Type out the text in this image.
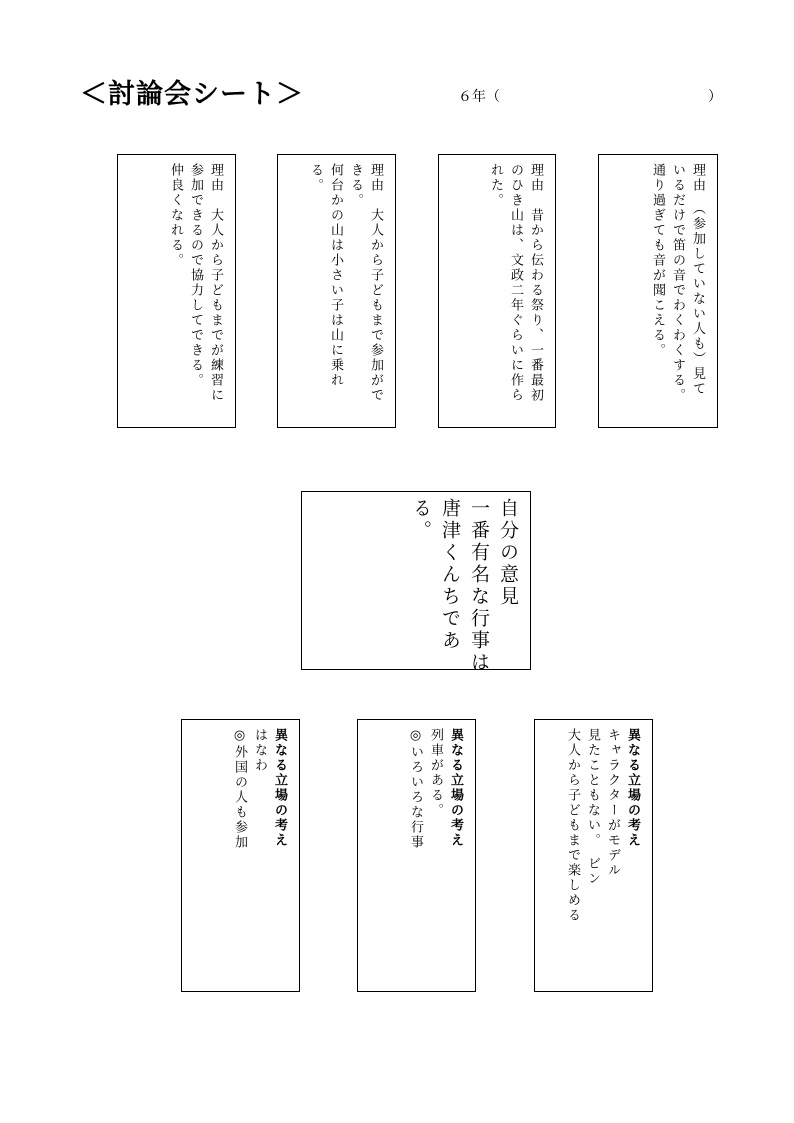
＜討論会シート＞	６年（	）
理由　（参加していない人も）見て
いるだけで笛の音でわくわくする。
通り過ぎても音が聞こえる。
理由　昔から伝わる祭り、一番最初
のひき山は、文政二年ぐらいに作ら
れた。
理由　大人から子どもまで参加がで
きる。
何台かの山は小さい子は山に乗れ
る。
理由　大人から子どもまでが練習に
参加できるので協力してできる。
仲良くなれる。
自分の意見
一番有名な行事は
唐津くんちであ
る。
異なる立場の考え
キャラクターがモデル
見たこともない。　ビン
大人から子どもまで楽しめる
異なる立場の考え
列車がある。
◎いろいろな行事
異なる立場の考え
はなわ
◎外国の人も参加
